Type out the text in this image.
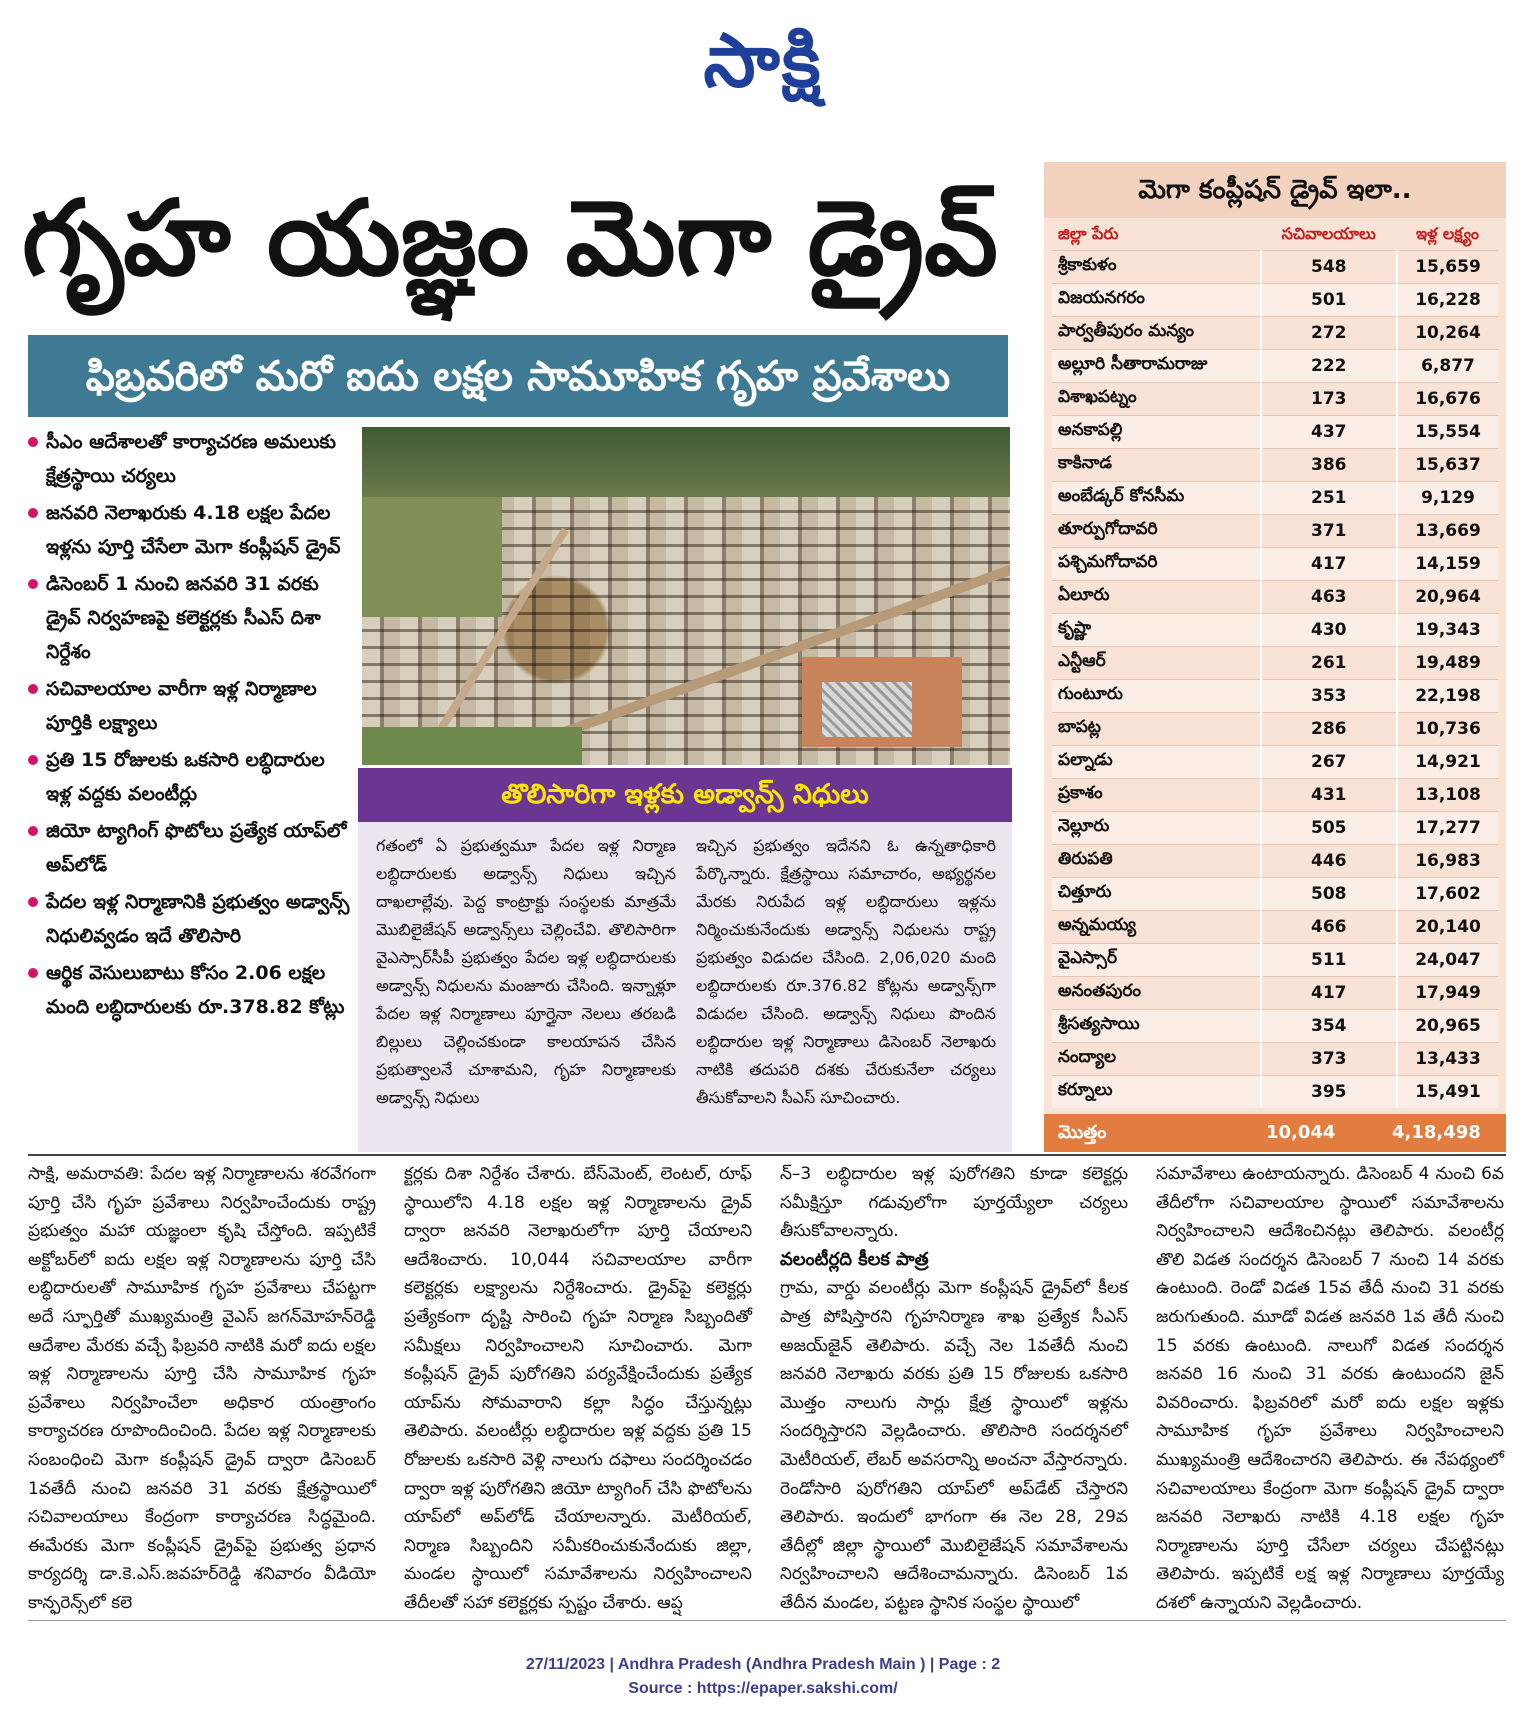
సాక్షి
గృహ యజ్ఞం మెగా డ్రైవ్
ఫిబ్రవరిలో మరో ఐదు లక్షల సామూహిక గృహ ప్రవేశాలు
సీఎం ఆదేశాలతో కార్యాచరణ అమలుకు క్షేత్రస్థాయి చర్యలు
జనవరి నెలాఖరుకు 4.18 లక్షల పేదల ఇళ్లను పూర్తి చేసేలా మెగా కంప్లీషన్‌ డ్రైవ్‌
డిసెంబర్‌ 1 నుంచి జనవరి 31 వరకు డ్రైవ్‌ నిర్వహణపై కలెక్టర్లకు సీఎస్‌ దిశా నిర్దేశం
సచివాలయాల వారీగా ఇళ్ల నిర్మాణాల పూర్తికి లక్ష్యాలు
ప్రతి 15 రోజులకు ఒకసారి లబ్ధిదారుల ఇళ్ల వద్దకు వలంటీర్లు
జియో ట్యాగింగ్‌ ఫొటోలు ప్రత్యేక యాప్‌లో అప్‌లోడ్‌
పేదల ఇళ్ల నిర్మాణానికి ప్రభుత్వం అడ్వాన్స్‌ నిధులివ్వడం ఇదే తొలిసారి
ఆర్థిక వెసులుబాటు కోసం 2.06 లక్షల మంది లబ్ధిదారులకు రూ.378.82 కోట్లు
తొలిసారిగా ఇళ్లకు అడ్వాన్స్‌ నిధులు
గతంలో ఏ ప్రభుత్వమూ పేదల ఇళ్ల నిర్మాణ లబ్ధిదారులకు అడ్వాన్స్‌ నిధులు ఇచ్చిన దాఖలాల్లేవు. పెద్ద కాంట్రాక్టు సంస్థలకు మాత్రమే మొబిలైజేషన్‌ అడ్వాన్స్‌లు చెల్లించేవి. తొలిసారిగా వైఎస్సార్‌సీపీ ప్రభుత్వం పేదల ఇళ్ల లబ్ధిదారులకు అడ్వాన్స్‌ నిధులను మంజూరు చేసింది. ఇన్నాళ్లూ పేదల ఇళ్ల నిర్మాణాలు పూర్తైనా నెలలు తరబడి బిల్లులు చెల్లించకుండా కాలయాపన చేసిన ప్రభుత్వాలనే చూశామని, గృహ నిర్మాణాలకు అడ్వాన్స్‌ నిధులు
ఇచ్చిన ప్రభుత్వం ఇదేనని ఓ ఉన్నతాధికారి పేర్కొన్నారు. క్షేత్రస్థాయి సమాచారం, అభ్యర్థనల మేరకు నిరుపేద ఇళ్ల లబ్ధిదారులు ఇళ్లను నిర్మించుకునేందుకు అడ్వాన్స్‌ నిధులను రాష్ట్ర ప్రభుత్వం విడుదల చేసింది. 2,06,020 మంది లబ్ధిదారులకు రూ.376.82 కోట్లను అడ్వాన్స్‌గా విడుదల చేసింది. అడ్వాన్స్‌ నిధులు పొందిన లబ్ధిదారుల ఇళ్ల నిర్మాణాలు డిసెంబర్‌ నెలాఖరు నాటికి తదుపరి దశకు చేరుకునేలా చర్యలు తీసుకోవాలని సీఎస్‌ సూచించారు.
మెగా కంప్లీషన్‌ డ్రైవ్‌ ఇలా..
జిల్లా పేరు	సచివాలయాలు	ఇళ్ల లక్ష్యం
శ్రీకాకుళం	548	15,659
విజయనగరం	501	16,228
పార్వతీపురం మన్యం	272	10,264
అల్లూరి సీతారామరాజు	222	6,877
విశాఖపట్నం	173	16,676
అనకాపల్లి	437	15,554
కాకినాడ	386	15,637
అంబేడ్కర్‌ కోనసీమ	251	9,129
తూర్పుగోదావరి	371	13,669
పశ్చిమగోదావరి	417	14,159
ఏలూరు	463	20,964
కృష్ణా	430	19,343
ఎన్టీఆర్‌	261	19,489
గుంటూరు	353	22,198
బాపట్ల	286	10,736
పల్నాడు	267	14,921
ప్రకాశం	431	13,108
నెల్లూరు	505	17,277
తిరుపతి	446	16,983
చిత్తూరు	508	17,602
అన్నమయ్య	466	20,140
వైఎస్సార్‌	511	24,047
అనంతపురం	417	17,949
శ్రీసత్యసాయి	354	20,965
నంద్యాల	373	13,433
కర్నూలు	395	15,491
మొత్తం	10,044	4,18,498
సాక్షి, అమరావతి: పేదల ఇళ్ల నిర్మాణాలను శరవేగంగా పూర్తి చేసి గృహ ప్రవేశాలు నిర్వహించేందుకు రాష్ట్ర ప్రభుత్వం మహా యజ్ఞంలా కృషి చేస్తోంది. ఇప్పటికే అక్టోబర్‌లో ఐదు లక్షల ఇళ్ల నిర్మాణాలను పూర్తి చేసి లబ్ధిదారులతో సామూహిక గృహ ప్రవేశాలు చేపట్టగా అదే స్ఫూర్తితో ముఖ్యమంత్రి వైఎస్‌ జగన్‌మోహన్‌రెడ్డి ఆదేశాల మేరకు వచ్చే ఫిబ్రవరి నాటికి మరో ఐదు లక్షల ఇళ్ల నిర్మాణాలను పూర్తి చేసి సామూహిక గృహ ప్రవేశాలు నిర్వహించేలా అధికార యంత్రాంగం కార్యాచరణ రూపొందించింది. పేదల ఇళ్ల నిర్మాణాలకు సంబంధించి మెగా కంప్లీషన్‌ డ్రైవ్‌ ద్వారా డిసెంబర్‌ 1వతేదీ నుంచి జనవరి 31 వరకు క్షేత్రస్థాయిలో సచివాలయాలు కేంద్రంగా కార్యాచరణ సిద్ధమైంది. ఈమేరకు మెగా కంప్లీషన్‌ డ్రైవ్‌పై ప్రభుత్వ ప్రధాన కార్యదర్శి డా.కె.ఎస్‌.జవహర్‌రెడ్డి శనివారం వీడియో కాన్ఫరెన్స్‌లో కలె
క్టర్లకు దిశా నిర్దేశం చేశారు. బేస్‌మెంట్, లెంటల్, రూఫ్‌ స్థాయిలోని 4.18 లక్షల ఇళ్ల నిర్మాణాలను డ్రైవ్‌ ద్వారా జనవరి నెలాఖరులోగా పూర్తి చేయాలని ఆదేశించారు. 10,044 సచివాలయాల వారీగా కలెక్టర్లకు లక్ష్యాలను నిర్దేశించారు. డ్రైవ్‌పై కలెక్టర్లు ప్రత్యేకంగా దృష్టి సారించి గృహ నిర్మాణ సిబ్బందితో సమీక్షలు నిర్వహించాలని సూచించారు. మెగా కంప్లీషన్‌ డ్రైవ్‌ పురోగతిని పర్యవేక్షించేందుకు ప్రత్యేక యాప్‌ను సోమవారాని కల్లా సిద్ధం చేస్తున్నట్లు తెలిపారు. వలంటీర్లు లబ్ధిదారుల ఇళ్ల వద్దకు ప్రతి 15 రోజులకు ఒకసారి వెళ్లి నాలుగు దఫాలు సందర్శించడం ద్వారా ఇళ్ల పురోగతిని జియో ట్యాగింగ్‌ చేసి ఫొటోలను యాప్‌లో అప్‌లోడ్‌ చేయాలన్నారు. మెటీరియల్, నిర్మాణ సిబ్బందిని సమీకరించుకునేందుకు జిల్లా, మండల స్థాయిలో సమావేశాలను నిర్వహించాలని తేదీలతో సహా కలెక్టర్లకు స్పష్టం చేశారు. ఆప్ష
న్‌–3 లబ్ధిదారుల ఇళ్ల పురోగతిని కూడా కలెక్టర్లు సమీక్షిస్తూ గడువులోగా పూర్తయ్యేలా చర్యలు తీసుకోవాలన్నారు.
వలంటీర్లది కీలక పాత్ర
గ్రామ, వార్డు వలంటీర్లు మెగా కంప్లీషన్‌ డ్రైవ్‌లో కీలక పాత్ర పోషిస్తారని గృహనిర్మాణ శాఖ ప్రత్యేక సీఎస్‌ అజయ్‌జైన్‌ తెలిపారు. వచ్చే నెల 1వతేదీ నుంచి జనవరి నెలాఖరు వరకు ప్రతి 15 రోజులకు ఒకసారి మొత్తం నాలుగు సార్లు క్షేత్ర స్థాయిలో ఇళ్లను సందర్శిస్తారని వెల్లడించారు. తొలిసారి సందర్శనలో మెటీరియల్, లేబర్‌ అవసరాన్ని అంచనా వేస్తారన్నారు. రెండోసారి పురోగతిని యాప్‌లో అప్‌డేట్‌ చేస్తారని తెలిపారు. ఇందులో భాగంగా ఈ నెల 28, 29వ తేదీల్లో జిల్లా స్థాయిలో మొబిలైజేషన్‌ సమావేశాలను నిర్వహించాలని ఆదేశించామన్నారు. డిసెంబర్‌ 1వ తేదీన మండల, పట్టణ స్థానిక సంస్థల స్థాయిలో
సమావేశాలు ఉంటాయన్నారు. డిసెంబర్‌ 4 నుంచి 6వ తేదీలోగా సచివాలయాల స్థాయిలో సమావేశాలను నిర్వహించాలని ఆదేశించినట్లు తెలిపారు. వలంటీర్ల తొలి విడత సందర్శన డిసెంబర్‌ 7 నుంచి 14 వరకు ఉంటుంది. రెండో విడత 15వ తేదీ నుంచి 31 వరకు జరుగుతుంది. మూడో విడత జనవరి 1వ తేదీ నుంచి 15 వరకు ఉంటుంది. నాలుగో విడత సందర్శన జనవరి 16 నుంచి 31 వరకు ఉంటుందని జైన్‌ వివరించారు. ఫిబ్రవరిలో మరో ఐదు లక్షల ఇళ్లకు సామూహిక గృహ ప్రవేశాలు నిర్వహించాలని ముఖ్యమంత్రి ఆదేశించారని తెలిపారు. ఈ నేపథ్యంలో సచివాలయాలు కేంద్రంగా మెగా కంప్లీషన్‌ డ్రైవ్‌ ద్వారా జనవరి నెలాఖరు నాటికి 4.18 లక్షల గృహ నిర్మాణాలను పూర్తి చేసేలా చర్యలు చేపట్టినట్లు తెలిపారు. ఇప్పటికే లక్ష ఇళ్ల నిర్మాణాలు పూర్తయ్యే దశలో ఉన్నాయని వెల్లడించారు.
27/11/2023 | Andhra Pradesh (Andhra Pradesh Main ) | Page : 2
Source : https://epaper.sakshi.com/
